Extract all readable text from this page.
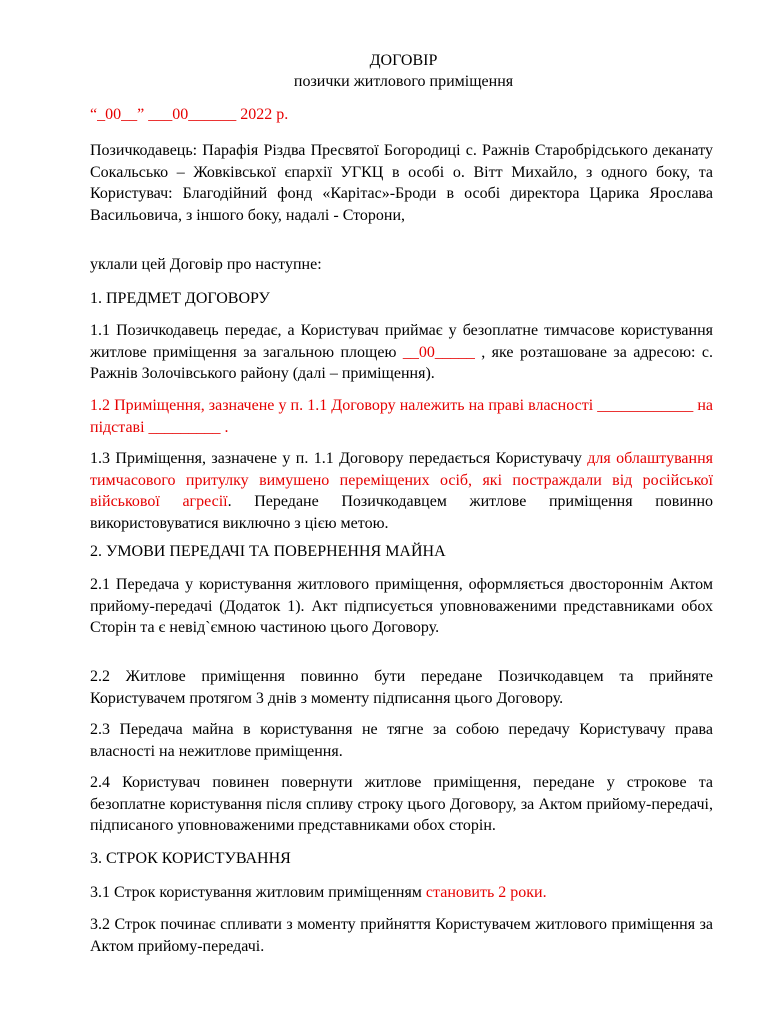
ДОГОВІР
позички житлового приміщення
“_00__” ___00______ 2022 р.
Позичкодавець: Парафія Різдва Пресвятої Богородиці с. Ражнів Старобрідського деканату Сокальсько – Жовківської єпархії УГКЦ в особі о. Вітт Михайло, з одного боку, та Користувач: Благодійний фонд «Карітас»-Броди в особі директора Царика Ярослава Васильовича, з іншого боку, надалі - Сторони,
уклали цей Договір про наступне:
1. ПРЕДМЕТ ДОГОВОРУ
1.1 Позичкодавець передає, а Користувач приймає у безоплатне тимчасове користування житлове приміщення за загальною площею __00_____ , яке розташоване за адресою: с. Ражнів Золочівського району (далі – приміщення).
1.2 Приміщення, зазначене у п. 1.1 Договору належить на праві власності ____________ на підставі _________ .
1.3 Приміщення, зазначене у п. 1.1 Договору передається Користувачу для облаштування тимчасового притулку вимушено переміщених осіб, які постраждали від російської військової агресії. Передане Позичкодавцем житлове приміщення повинно використовуватися виключно з цією метою.
2. УМОВИ ПЕРЕДАЧІ ТА ПОВЕРНЕННЯ МАЙНА
2.1 Передача у користування житлового приміщення, оформляється двостороннім Актом прийому-передачі (Додаток 1). Акт підписується уповноваженими представниками обох Сторін та є невід`ємною частиною цього Договору.
2.2 Житлове приміщення повинно бути передане Позичкодавцем та прийняте Користувачем протягом 3 днів з моменту підписання цього Договору.
2.3 Передача майна в користування не тягне за собою передачу Користувачу права власності на нежитлове приміщення.
2.4 Користувач повинен повернути житлове приміщення, передане у строкове та безоплатне користування після спливу строку цього Договору, за Актом прийому-передачі, підписаного уповноваженими представниками обох сторін.
3. СТРОК КОРИСТУВАННЯ
3.1 Строк користування житловим приміщенням становить 2 роки.
3.2 Строк починає спливати з моменту прийняття Користувачем житлового приміщення за Актом прийому-передачі.
